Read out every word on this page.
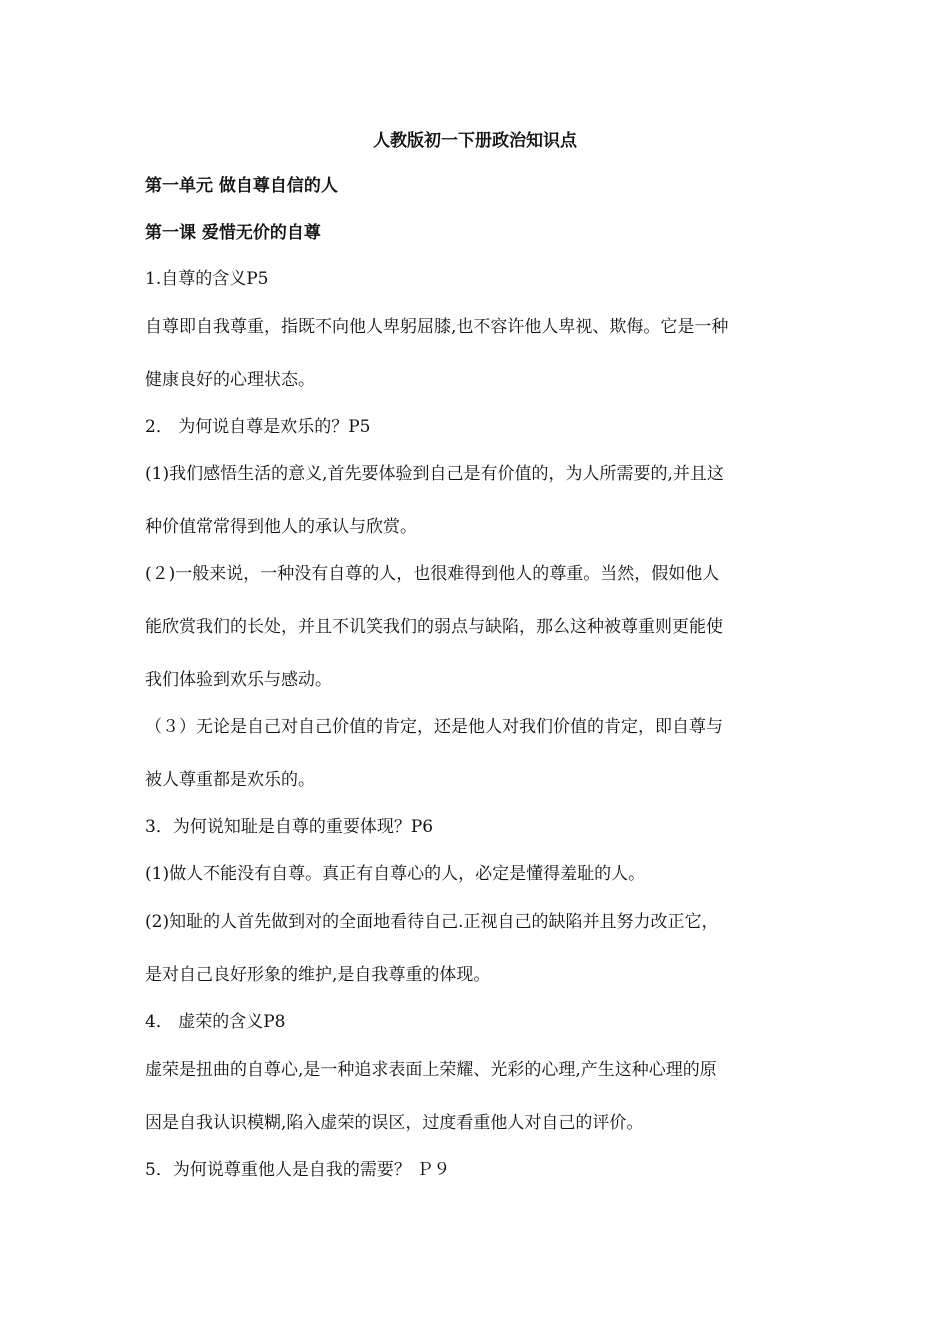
人教版初一下册政治知识点
第一单元 做自尊自信的人
第一课 爱惜无价的自尊
1.自尊的含义P5
自尊即自我尊重，指既不向他人卑躬屈膝,也不容许他人卑视、欺侮。它是一种
健康良好的心理状态。
2． 为何说自尊是欢乐的？P5
(1)我们感悟生活的意义,首先要体验到自己是有价值的，为人所需要的,并且这
种价值常常得到他人的承认与欣赏。
(２)一般来说，一种没有自尊的人，也很难得到他人的尊重。当然，假如他人
能欣赏我们的长处，并且不讥笑我们的弱点与缺陷，那么这种被尊重则更能使
我们体验到欢乐与感动。
（３）无论是自己对自己价值的肯定，还是他人对我们价值的肯定，即自尊与
被人尊重都是欢乐的。
3．为何说知耻是自尊的重要体现？P6
(1)做人不能没有自尊。真正有自尊心的人，必定是懂得羞耻的人。
(2)知耻的人首先做到对的全面地看待自己.正视自己的缺陷并且努力改正它，
是对自己良好形象的维护,是自我尊重的体现。
4． 虚荣的含义P8
虚荣是扭曲的自尊心,是一种追求表面上荣耀、光彩的心理,产生这种心理的原
因是自我认识模糊,陷入虚荣的误区，过度看重他人对自己的评价。
5．为何说尊重他人是自我的需要？ Ｐ９
